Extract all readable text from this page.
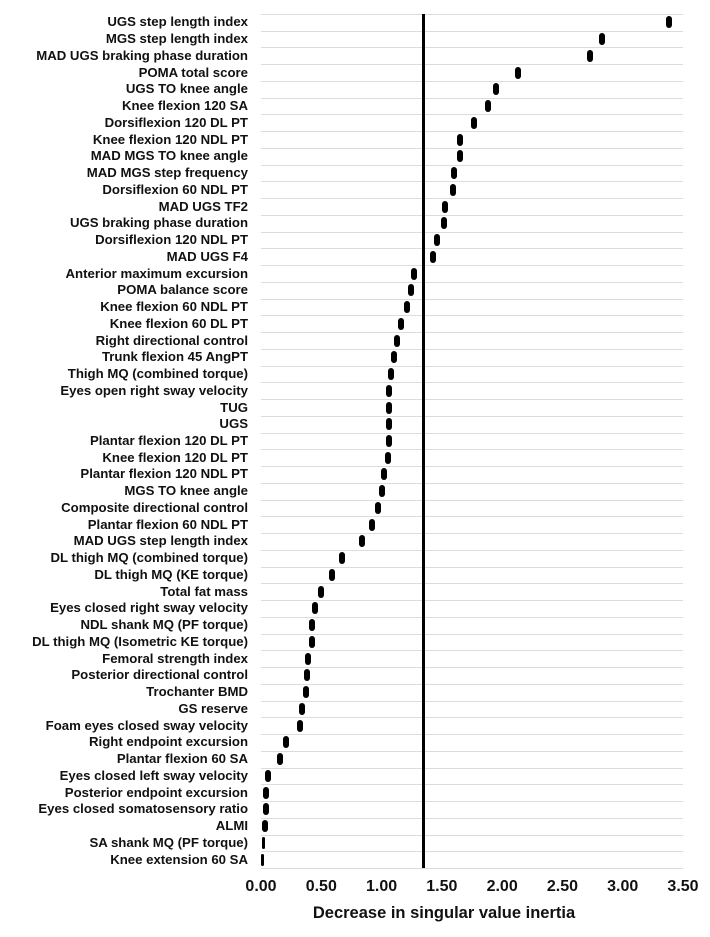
UGS step length index
MGS step length index
MAD UGS braking phase duration
POMA total score
UGS TO knee angle
Knee flexion 120 SA
Dorsiflexion 120 DL PT
Knee flexion 120 NDL PT
MAD MGS TO knee angle
MAD MGS step frequency
Dorsiflexion 60 NDL PT
MAD UGS TF2
UGS braking phase duration
Dorsiflexion 120 NDL PT
MAD UGS F4
Anterior maximum excursion
POMA balance score
Knee flexion 60 NDL PT
Knee flexion 60 DL PT
Right directional control
Trunk flexion 45 AngPT
Thigh MQ (combined torque)
Eyes open right sway velocity
TUG
UGS
Plantar flexion 120 DL PT
Knee flexion 120 DL PT
Plantar flexion 120 NDL PT
MGS TO knee angle
Composite directional control
Plantar flexion 60 NDL PT
MAD UGS step length index
DL thigh MQ (combined torque)
DL thigh MQ (KE torque)
Total fat mass
Eyes closed right sway velocity
NDL shank MQ (PF torque)
DL thigh MQ (Isometric KE torque)
Femoral strength index
Posterior directional control
Trochanter BMD
GS reserve
Foam eyes closed sway velocity
Right endpoint excursion
Plantar flexion 60 SA
Eyes closed left sway velocity
Posterior endpoint excursion
Eyes closed somatosensory ratio
ALMI
SA shank MQ (PF torque)
Knee extension 60 SA
0.00 0.50 1.00 1.50 2.00 2.50 3.00 3.50
Decrease in singular value inertia
